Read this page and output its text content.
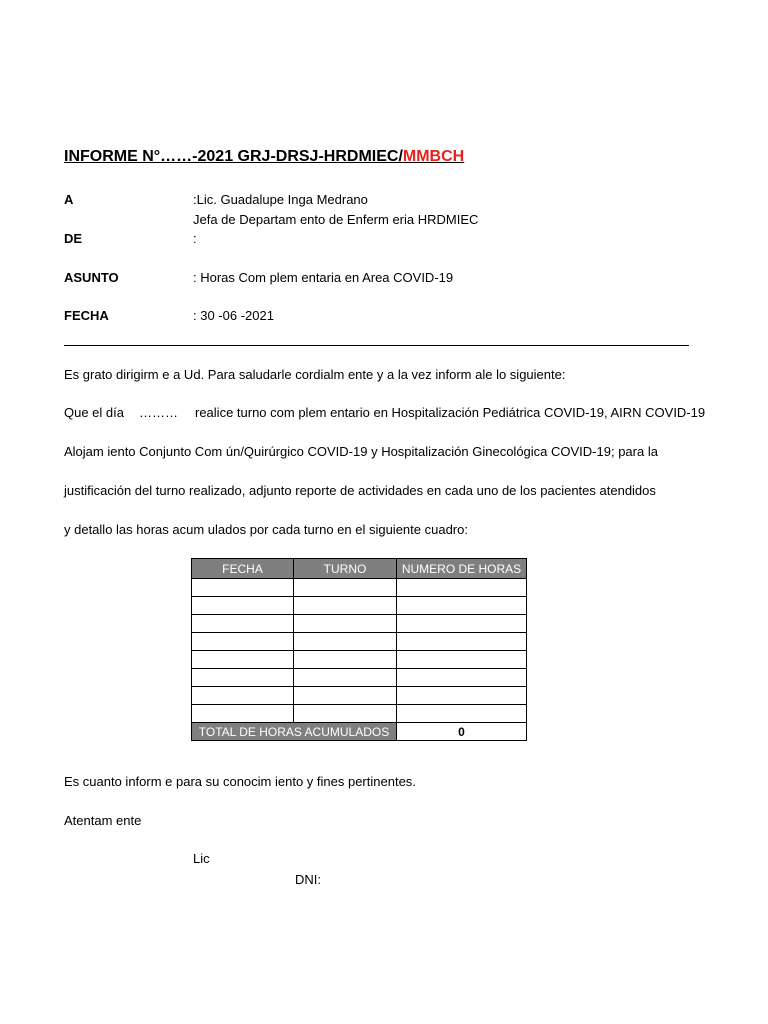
INFORME N°……-2021 GRJ-DRSJ-HRDMIEC/MMBCH
A	:Lic. Guadalupe Inga Medrano
Jefa de Departam ento de Enferm eria HRDMIEC
DE	:
ASUNTO	: Horas Com plem entaria en Area COVID-19
FECHA	: 30 -06 -2021
Es grato dirigirm e a Ud. Para saludarle cordialm ente y a la vez inform ale lo siguiente:
Que el día ……… realice turno com plem entario en Hospitalización Pediátrica COVID-19, AIRN COVID-19
Alojam iento Conjunto Com ún/Quirúrgico COVID-19 y Hospitalización Ginecológica COVID-19; para la
justificación del turno realizado, adjunto reporte de actividades en cada uno de los pacientes atendidos
y detallo las horas acum ulados por cada turno en el siguiente cuadro:
FECHA	TURNO	NUMERO DE HORAS

TOTAL DE HORAS ACUMULADOS		0
Es cuanto inform e para su conocim iento y fines pertinentes.
Atentam ente
Lic
DNI:
